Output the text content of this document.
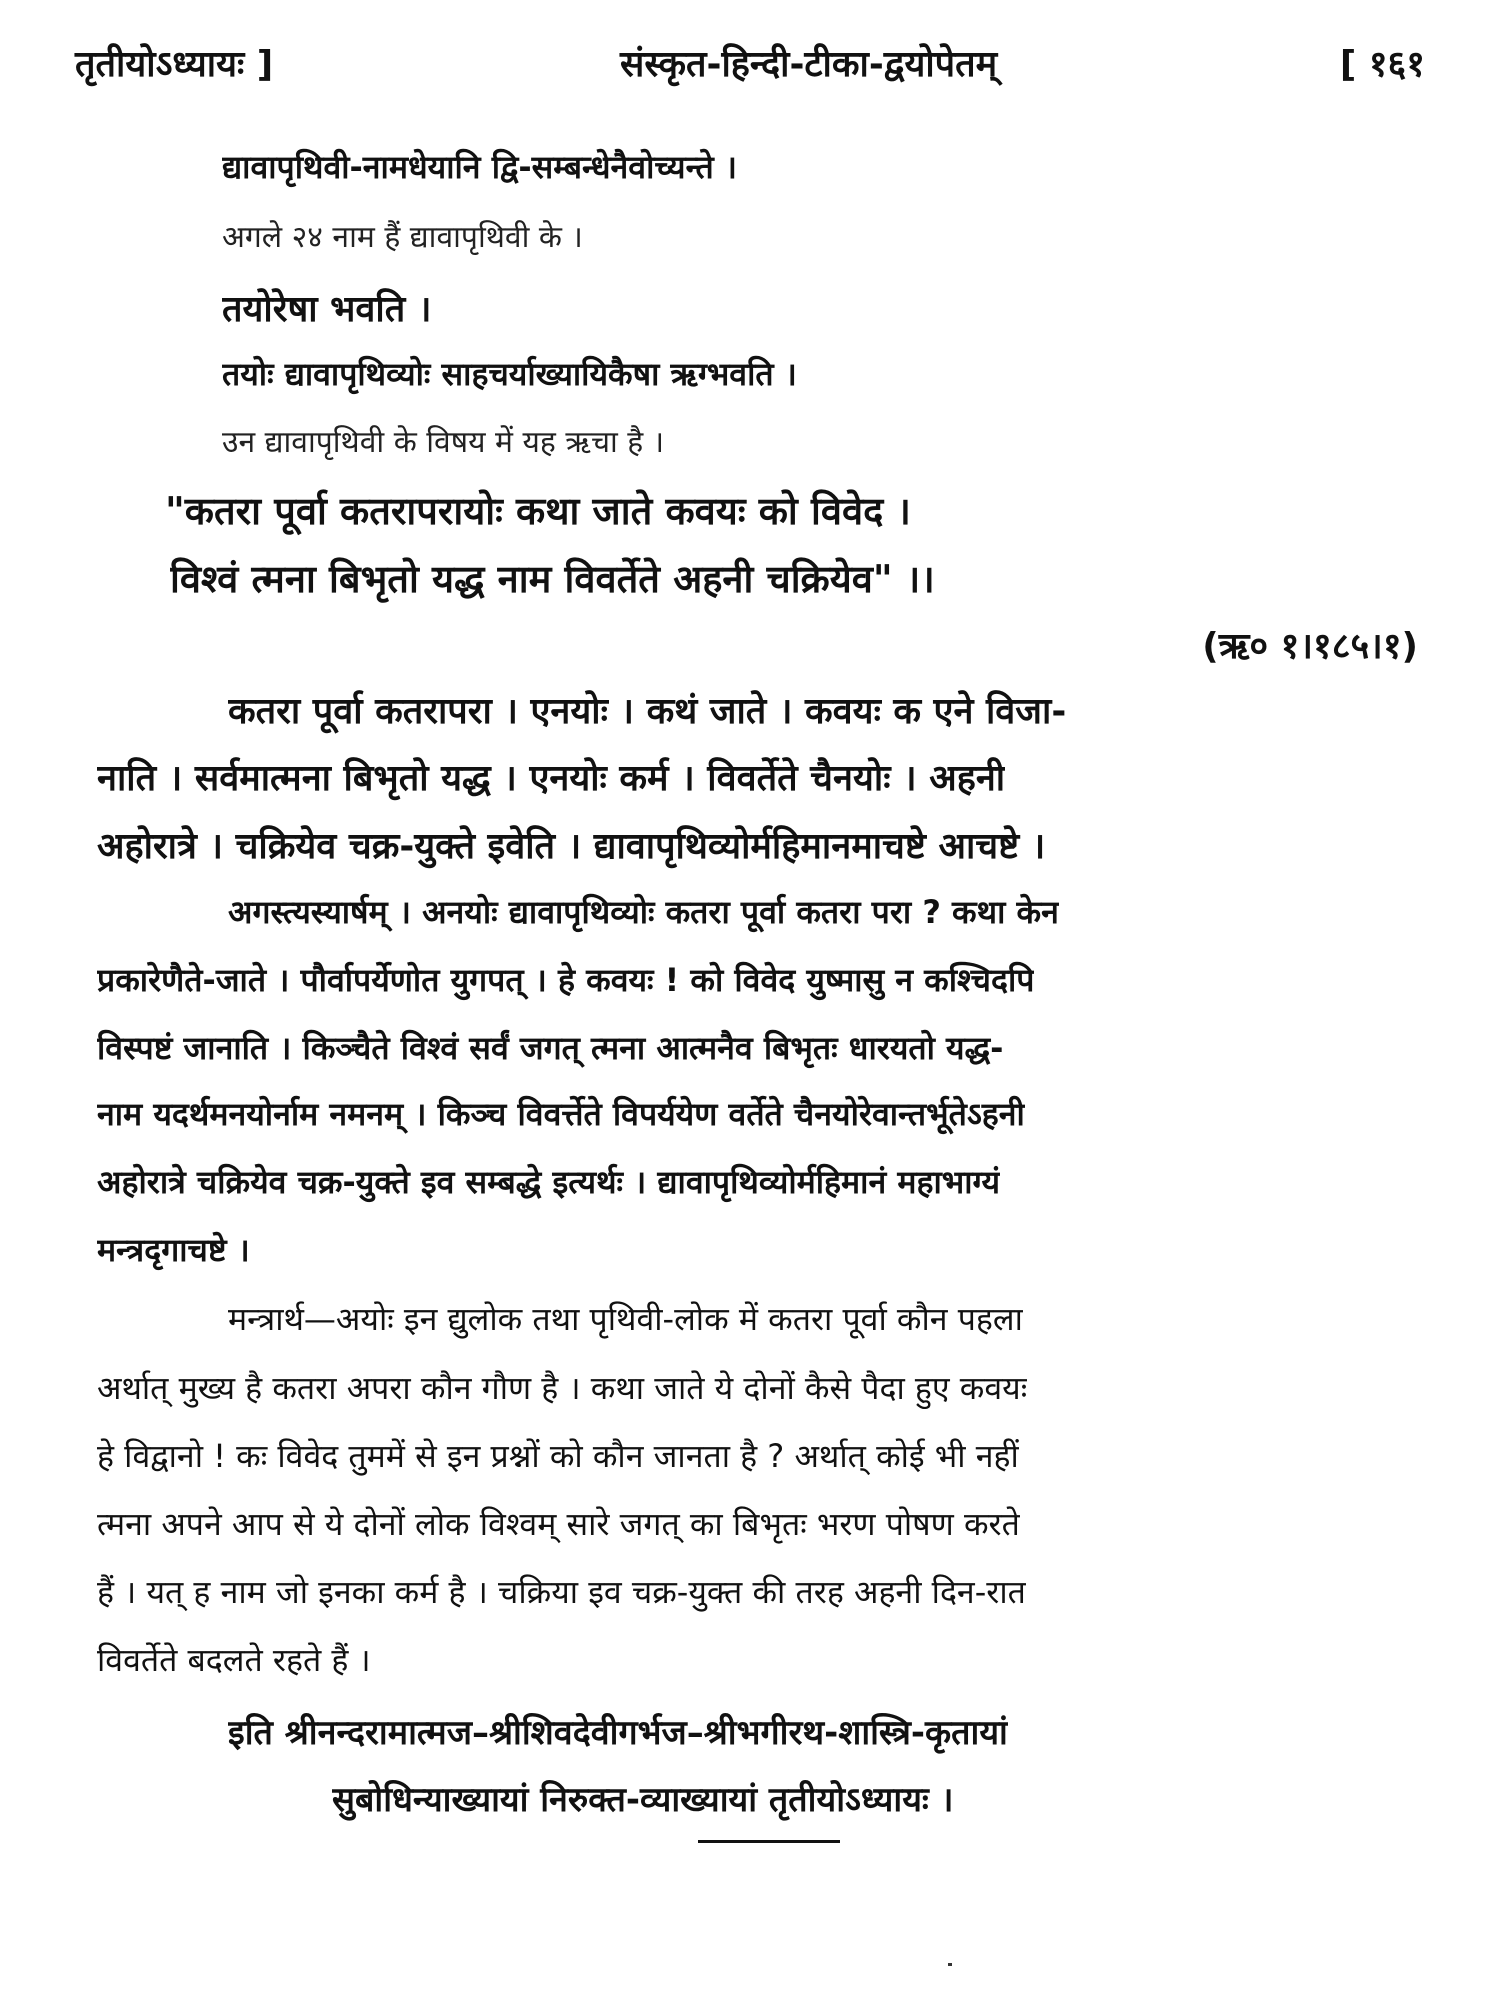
तृतीयोऽध्यायः ]	संस्कृत-हिन्दी-टीका-द्वयोपेतम्	[ १६१
द्यावापृथिवी-नामधेयानि द्वि-सम्बन्धेनैवोच्यन्ते ।
अगले २४ नाम हैं द्यावापृथिवी के ।
तयोरेषा भवति ।
तयोः द्यावापृथिव्योः साहचर्याख्यायिकैषा ऋग्भवति ।
उन द्यावापृथिवी के विषय में यह ऋचा है ।
"कतरा पूर्वा कतरापरायोः कथा जाते कवयः को विवेद ।
विश्वं त्मना बिभृतो यद्ध नाम विवर्तेते अहनी चक्रियेव" ।।
(ऋ० १।१८५।१)
कतरा पूर्वा कतरापरा । एनयोः । कथं जाते । कवयः क एने विजा-
नाति । सर्वमात्मना बिभृतो यद्ध । एनयोः कर्म । विवर्तेते चैनयोः । अहनी
अहोरात्रे । चक्रियेव चक्र-युक्ते इवेति । द्यावापृथिव्योर्महिमानमाचष्टे आचष्टे ।
अगस्त्यस्यार्षम् । अनयोः द्यावापृथिव्योः कतरा पूर्वा कतरा परा ? कथा केन
प्रकारेणैते-जाते । पौर्वापर्येणोत युगपत् । हे कवयः ! को विवेद युष्मासु न कश्चिदपि
विस्पष्टं जानाति । किञ्चैते विश्वं सर्वं जगत् त्मना आत्मनैव बिभृतः धारयतो यद्ध-
नाम यदर्थमनयोर्नाम नमनम् । किञ्च विवर्त्तेते विपर्ययेण वर्तेते चैनयोरेवान्तर्भूतेऽहनी
अहोरात्रे चक्रियेव चक्र-युक्ते इव सम्बद्धे इत्यर्थः । द्यावापृथिव्योर्महिमानं महाभाग्यं
मन्त्रदृगाचष्टे ।
मन्त्रार्थ—अयोः इन द्युलोक तथा पृथिवी-लोक में कतरा पूर्वा कौन पहला
अर्थात् मुख्य है कतरा अपरा कौन गौण है । कथा जाते ये दोनों कैसे पैदा हुए कवयः
हे विद्वानो ! कः विवेद तुममें से इन प्रश्नों को कौन जानता है ? अर्थात् कोई भी नहीं
त्मना अपने आप से ये दोनों लोक विश्वम् सारे जगत् का बिभृतः भरण पोषण करते
हैं । यत् ह नाम जो इनका कर्म है । चक्रिया इव चक्र-युक्त की तरह अहनी दिन-रात
विवर्तेते बदलते रहते हैं ।
इति श्रीनन्दरामात्मज–श्रीशिवदेवीगर्भज–श्रीभगीरथ-शास्त्रि-कृतायां
सुबोधिन्याख्यायां निरुक्त-व्याख्यायां तृतीयोऽध्यायः ।
